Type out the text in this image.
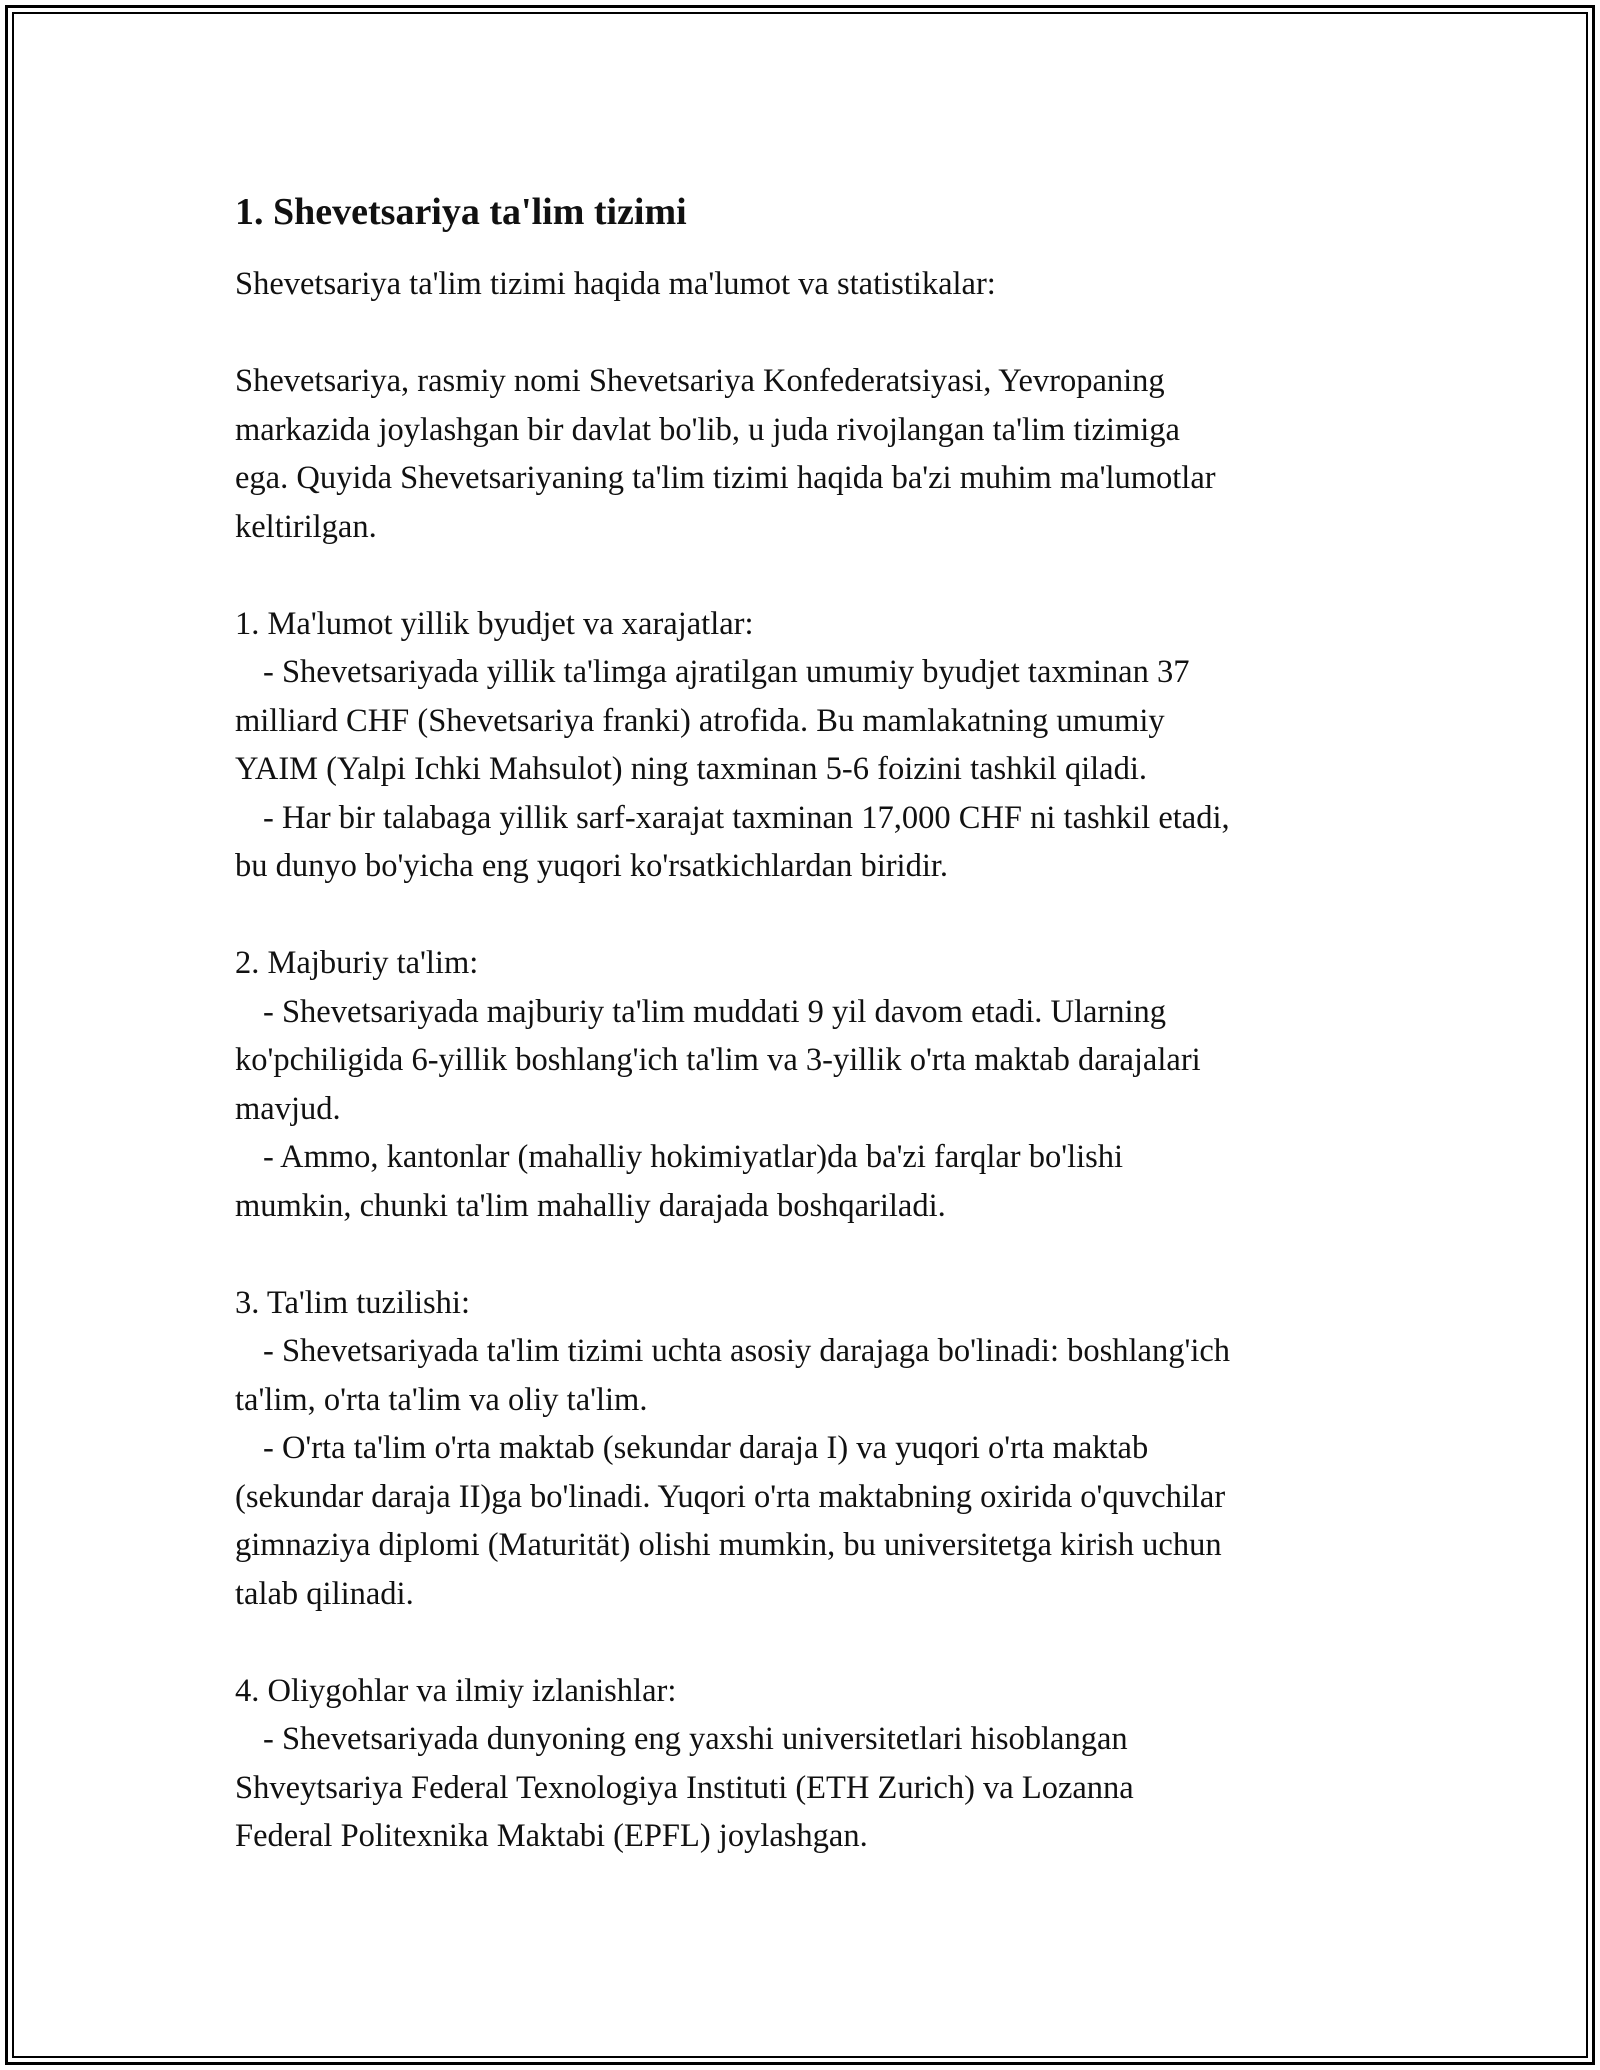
1. Shevetsariya ta'lim tizimi

Shevetsariya ta'lim tizimi haqida ma'lumot va statistikalar:

Shevetsariya, rasmiy nomi Shevetsariya Konfederatsiyasi, Yevropaning
markazida joylashgan bir davlat bo'lib, u juda rivojlangan ta'lim tizimiga
ega. Quyida Shevetsariyaning ta'lim tizimi haqida ba'zi muhim ma'lumotlar
keltirilgan.
1. Ma'lumot yillik byudjet va xarajatlar:
- Shevetsariyada yillik ta'limga ajratilgan umumiy byudjet taxminan 37
milliard CHF (Shevetsariya franki) atrofida. Bu mamlakatning umumiy
YAIM (Yalpi Ichki Mahsulot) ning taxminan 5-6 foizini tashkil qiladi.
- Har bir talabaga yillik sarf-xarajat taxminan 17,000 CHF ni tashkil etadi,
bu dunyo bo'yicha eng yuqori ko'rsatkichlardan biridir.
2. Majburiy ta'lim:
- Shevetsariyada majburiy ta'lim muddati 9 yil davom etadi. Ularning
ko'pchiligida 6-yillik boshlang'ich ta'lim va 3-yillik o'rta maktab darajalari
mavjud.
- Ammo, kantonlar (mahalliy hokimiyatlar)da ba'zi farqlar bo'lishi
mumkin, chunki ta'lim mahalliy darajada boshqariladi.
3. Ta'lim tuzilishi:
- Shevetsariyada ta'lim tizimi uchta asosiy darajaga bo'linadi: boshlang'ich
ta'lim, o'rta ta'lim va oliy ta'lim.
- O'rta ta'lim o'rta maktab (sekundar daraja I) va yuqori o'rta maktab
(sekundar daraja II)ga bo'linadi. Yuqori o'rta maktabning oxirida o'quvchilar
gimnaziya diplomi (Maturität) olishi mumkin, bu universitetga kirish uchun
talab qilinadi.
4. Oliygohlar va ilmiy izlanishlar:
- Shevetsariyada dunyoning eng yaxshi universitetlari hisoblangan
Shveytsariya Federal Texnologiya Instituti (ETH Zurich) va Lozanna
Federal Politexnika Maktabi (EPFL) joylashgan.
